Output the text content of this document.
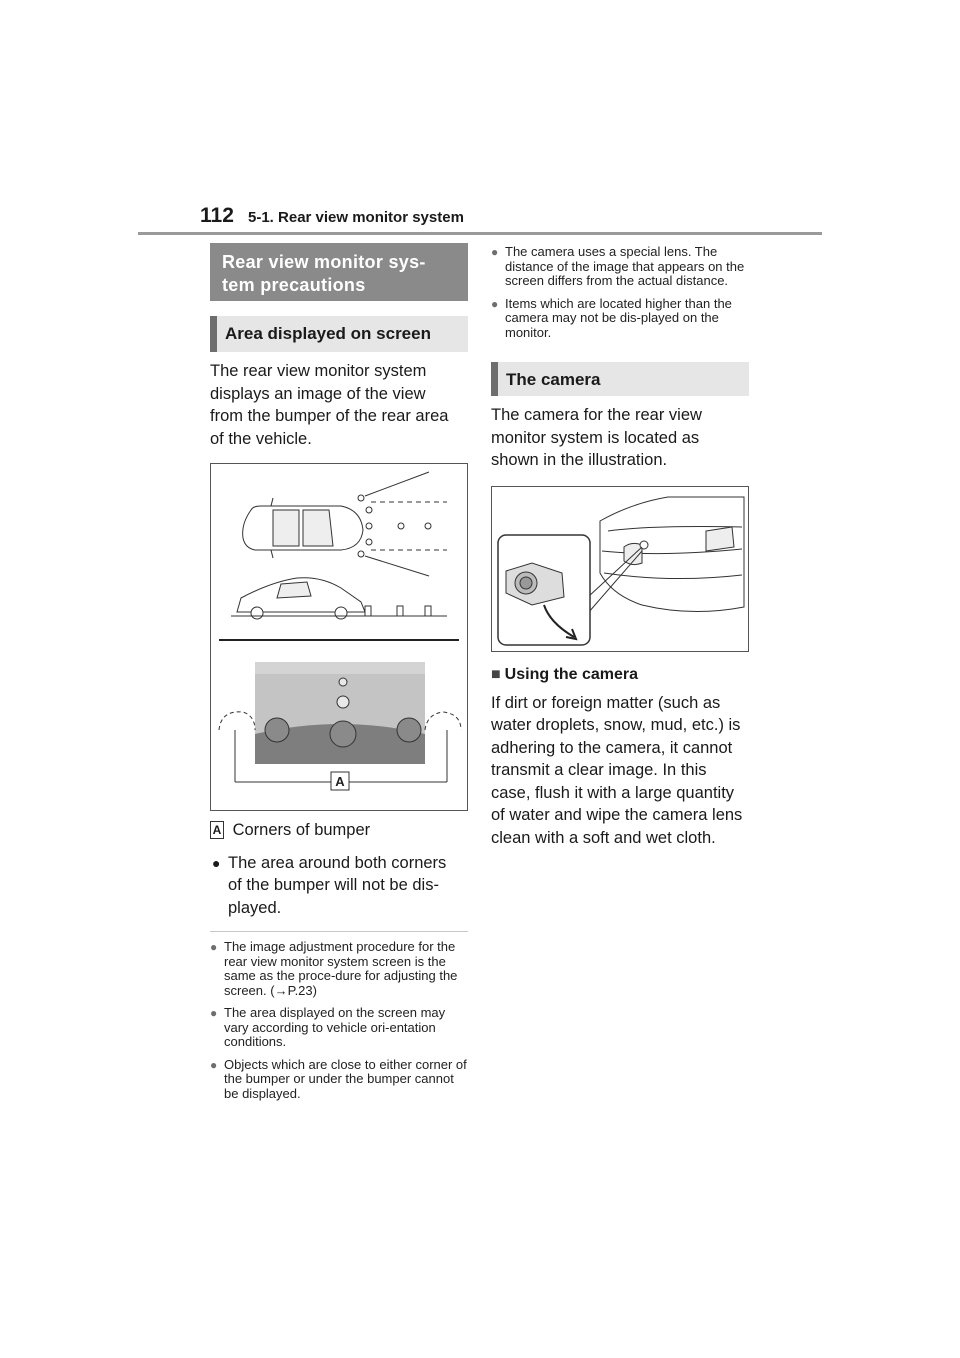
112 5-1. Rear view monitor system
Rear view monitor sys-
tem precautions
Area displayed on screen
The rear view monitor system displays an image of the view from the bumper of the rear area of the vehicle.
A
A Corners of bumper
● The area around both corners of the bumper will not be dis-played.
● The image adjustment procedure for the rear view monitor system screen is the same as the proce-dure for adjusting the screen. (→P.23)
● The area displayed on the screen may vary according to vehicle ori-entation conditions.
● Objects which are close to either corner of the bumper or under the bumper cannot be displayed.
● The camera uses a special lens. The distance of the image that appears on the screen differs from the actual distance.
● Items which are located higher than the camera may not be dis-played on the monitor.
The camera
The camera for the rear view monitor system is located as shown in the illustration.
■ Using the camera
If dirt or foreign matter (such as water droplets, snow, mud, etc.) is adhering to the camera, it cannot transmit a clear image. In this case, flush it with a large quantity of water and wipe the camera lens clean with a soft and wet cloth.
